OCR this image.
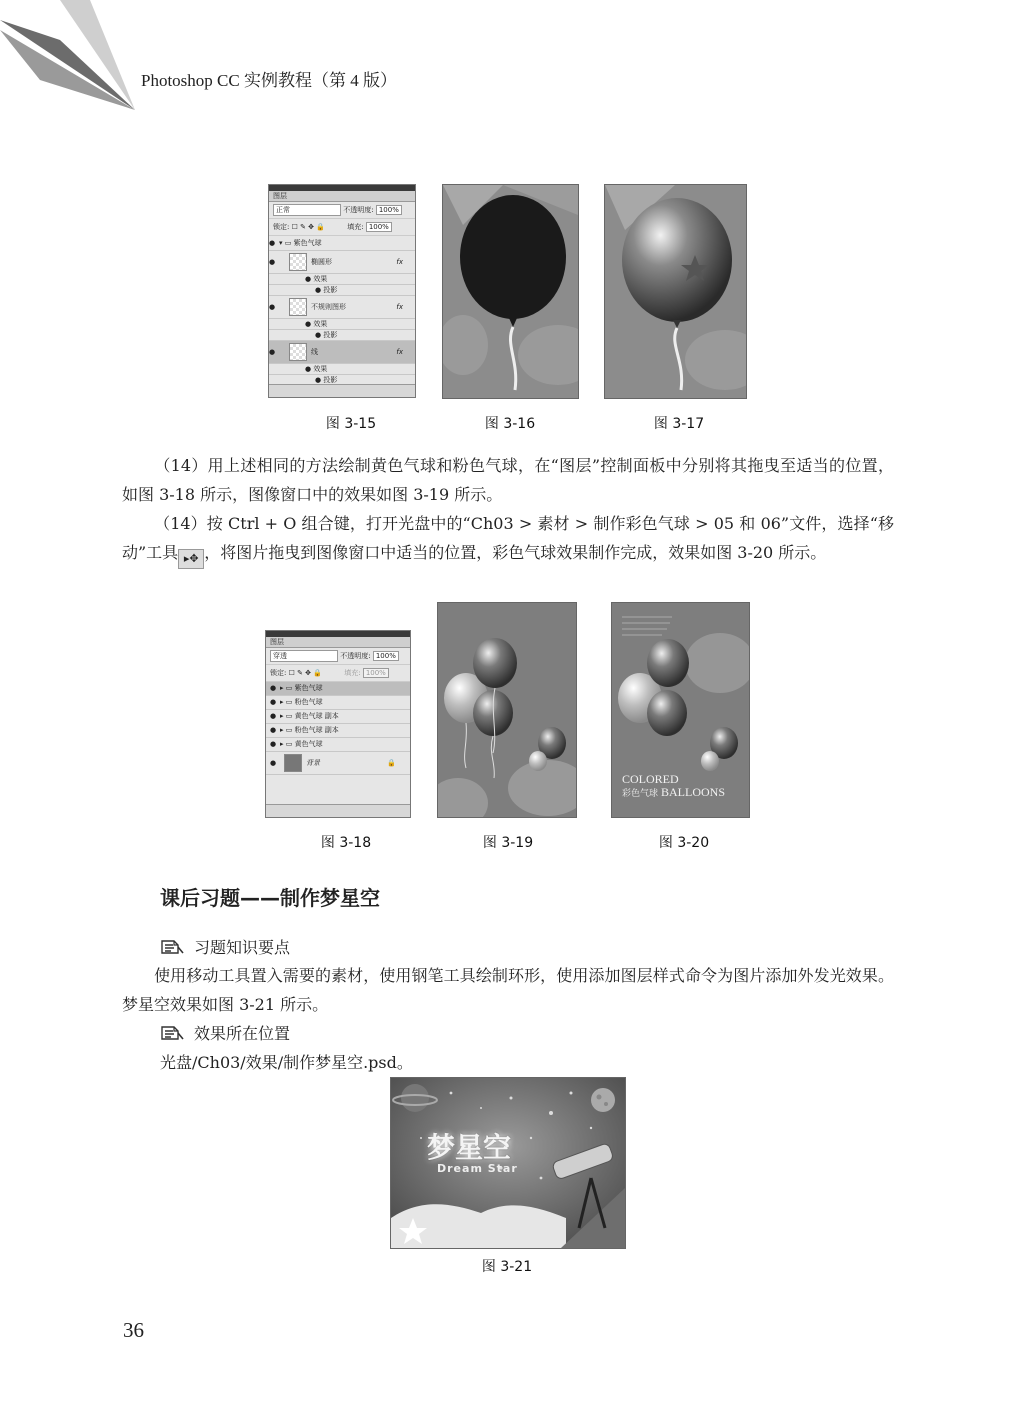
Photoshop CC 实例教程（第 4 版）
图层
正常	不透明度: 100%
锁定: ☐ ✎ ✥ 🔒	填充: 100%
● ▾ ▭ 紫色气球
●	椭圆形	fx
● 效果
● 投影
●	不规则图形	fx
● 效果
● 投影
●	线	fx
● 效果
● 投影
图 3-15	图 3-16	图 3-17
（14）用上述相同的方法绘制黄色气球和粉色气球，在“图层”控制面板中分别将其拖曳至适当的位置，如图 3-18 所示，图像窗口中的效果如图 3-19 所示。
（14）按 Ctrl + O 组合键，打开光盘中的“Ch03 > 素材 > 制作彩色气球 > 05 和 06”文件，选择“移动”工具 ▸✥ ，将图片拖曳到图像窗口中适当的位置，彩色气球效果制作完成，效果如图 3-20 所示。
图层
穿透	不透明度: 100%
锁定: ☐ ✎ ✥ 🔒	填充: 100%
● ▸ ▭ 紫色气球
● ▸ ▭ 粉色气球
● ▸ ▭ 黄色气球 副本
● ▸ ▭ 粉色气球 副本
● ▸ ▭ 黄色气球
●	背景	🔒
图 3-18	图 3-19
COLORED
彩色气球 BALLOONS
图 3-20
课后习题——制作梦星空
习题知识要点
使用移动工具置入需要的素材，使用钢笔工具绘制环形，使用添加图层样式命令为图片添加外发光效果。梦星空效果如图 3-21 所示。
效果所在位置
光盘/Ch03/效果/制作梦星空.psd。
梦星空
Dream Star
图 3-21
36
